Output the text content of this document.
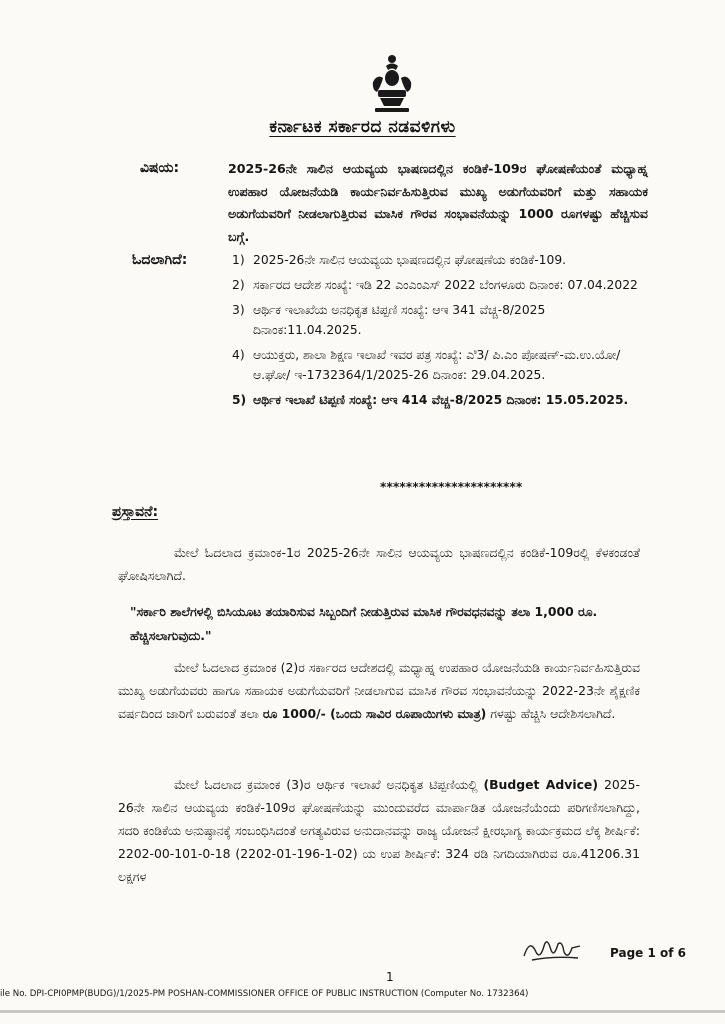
ಕರ್ನಾಟಕ ಸರ್ಕಾರದ ನಡವಳಿಗಳು
ವಿಷಯ:	2025-26ನೇ ಸಾಲಿನ ಆಯವ್ಯಯ ಭಾಷಣದಲ್ಲಿನ ಕಂಡಿಕೆ-109ರ ಘೋಷಣೆಯಂತೆ ಮಧ್ಯಾಹ್ನ ಉಪಹಾರ ಯೋಜನೆಯಡಿ ಕಾರ್ಯನಿರ್ವಹಿಸುತ್ತಿರುವ ಮುಖ್ಯ ಅಡುಗೆಯವರಿಗೆ ಮತ್ತು ಸಹಾಯಕ ಅಡುಗೆಯವರಿಗೆ ನೀಡಲಾಗುತ್ತಿರುವ ಮಾಸಿಕ ಗೌರವ ಸಂಭಾವನೆಯನ್ನು 1000 ರೂಗಳಷ್ಟು ಹೆಚ್ಚಿಸುವ ಬಗ್ಗೆ.
ಓದಲಾಗಿದೆ:	1) 2025-26ನೇ ಸಾಲಿನ ಆಯವ್ಯಯ ಭಾಷಣದಲ್ಲಿನ ಘೋಷಣೆಯ ಕಂಡಿಕೆ-109.
2) ಸರ್ಕಾರದ ಆದೇಶ ಸಂಖ್ಯೆ: ಇಡಿ 22 ಎಂಎಂಎಸ್ 2022 ಬೆಂಗಳೂರು ದಿನಾಂಕ: 07.04.2022
3) ಆರ್ಥಿಕ ಇಲಾಖೆಯ ಅನಧಿಕೃತ ಟಿಪ್ಪಣಿ ಸಂಖ್ಯೆ: ಆಇ 341 ವೆಚ್ಚ-8/2025 ದಿನಾಂಕ:11.04.2025.
4) ಆಯುಕ್ತರು, ಶಾಲಾ ಶಿಕ್ಷಣ ಇಲಾಖೆ ಇವರ ಪತ್ರ ಸಂಖ್ಯೆ: ಎಿ3/ ಪಿ.ಎಂ ಪೋಷಣ್-ಮ.ಉ.ಯೋ/ಆ.ಘೋ/ ಇ-1732364/1/2025-26 ದಿನಾಂಕ: 29.04.2025.
5) ಆರ್ಥಿಕ ಇಲಾಖೆ ಟಿಪ್ಪಣಿ ಸಂಖ್ಯೆ: ಆಇ 414 ವೆಚ್ಚ-8/2025 ದಿನಾಂಕ: 15.05.2025.
**********************
ಪ್ರಸ್ತಾವನೆ:
ಮೇಲೆ ಓದಲಾದ ಕ್ರಮಾಂಕ-1ರ 2025-26ನೇ ಸಾಲಿನ ಆಯವ್ಯಯ ಭಾಷಣದಲ್ಲಿನ ಕಂಡಿಕೆ-109ರಲ್ಲಿ ಕೆಳಕಂಡಂತೆ ಘೋಷಿಸಲಾಗಿದೆ.
"ಸರ್ಕಾರಿ ಶಾಲೆಗಳಲ್ಲಿ ಬಿಸಿಯೂಟ ತಯಾರಿಸುವ ಸಿಬ್ಬಂದಿಗೆ ನೀಡುತ್ತಿರುವ ಮಾಸಿಕ ಗೌರವಧನವನ್ನು ತಲಾ 1,000 ರೂ. ಹೆಚ್ಚಿಸಲಾಗುವುದು."
ಮೇಲೆ ಓದಲಾದ ಕ್ರಮಾಂಕ (2)ರ ಸರ್ಕಾರದ ಆದೇಶದಲ್ಲಿ ಮಧ್ಯಾಹ್ನ ಉಪಹಾರ ಯೋಜನೆಯಡಿ ಕಾರ್ಯನಿರ್ವಹಿಸುತ್ತಿರುವ ಮುಖ್ಯ ಅಡುಗೆಯವರು ಹಾಗೂ ಸಹಾಯಕ ಅಡುಗೆಯವರಿಗೆ ನೀಡಲಾಗುವ ಮಾಸಿಕ ಗೌರವ ಸಂಭಾವನೆಯನ್ನು 2022-23ನೇ ಶೈಕ್ಷಣಿಕ ವರ್ಷದಿಂದ ಜಾರಿಗೆ ಬರುವಂತೆ ತಲಾ ರೂ 1000/- (ಒಂದು ಸಾವಿರ ರೂಪಾಯಿಗಳು ಮಾತ್ರ) ಗಳಷ್ಟು ಹೆಚ್ಚಿಸಿ ಆದೇಶಿಸಲಾಗಿದೆ.
ಮೇಲೆ ಓದಲಾದ ಕ್ರಮಾಂಕ (3)ರ ಆರ್ಥಿಕ ಇಲಾಖೆ ಅನಧಿಕೃತ ಟಿಪ್ಪಣಿಯಲ್ಲಿ (Budget Advice) 2025-26ನೇ ಸಾಲಿನ ಆಯವ್ಯಯ ಕಂಡಿಕೆ-109ರ ಘೋಷಣೆಯನ್ನು ಮುಂದುವರೆದ ಮಾರ್ಪಾಡಿತ ಯೋಜನೆಯೆಂದು ಪರಿಗಣಿಸಲಾಗಿದ್ದು, ಸದರಿ ಕಂಡಿಕೆಯ ಅನುಷ್ಠಾನಕ್ಕೆ ಸಂಬಂಧಿಸಿದಂತೆ ಅಗತ್ಯವಿರುವ ಅನುದಾನವನ್ನು ರಾಜ್ಯ ಯೋಜನೆ ಕ್ಷೀರಭಾಗ್ಯ ಕಾರ್ಯಕ್ರಮದ ಲೆಕ್ಕ ಶೀರ್ಷಿಕೆ: 2202-00-101-0-18 (2202-01-196-1-02) ಯ ಉಪ ಶೀರ್ಷಿಕೆ: 324 ರಡಿ ನಿಗದಿಯಾಗಿರುವ ರೂ.41206.31 ಲಕ್ಷಗಳ
Page 1 of 6
1
ile No. DPI-CPI0PMP(BUDG)/1/2025-PM POSHAN-COMMISSIONER OFFICE OF PUBLIC INSTRUCTION (Computer No. 1732364)
